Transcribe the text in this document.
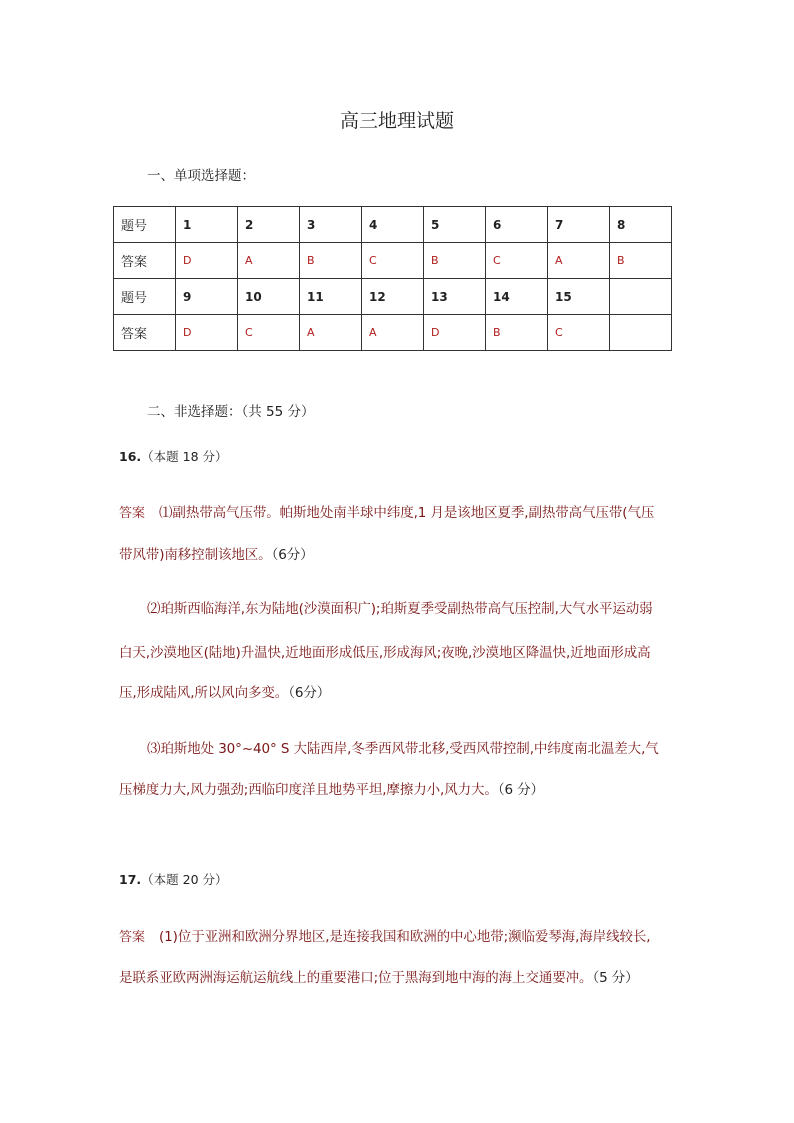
高三地理试题
一、单项选择题：
题号	1	2	3	4	5	6	7	8
答案	D	A	B	C	B	C	A	B
题号	9	10	11	12	13	14	15	
答案	D	C	A	A	D	B	C	
二、非选择题：（共 55 分）
16.（本题 18 分）
答案 ⑴副热带高气压带。帕斯地处南半球中纬度,1 月是该地区夏季,副热带高气压带(气压
带风带)南移控制该地区。（6分）
⑵珀斯西临海洋,东为陆地(沙漠面积广);珀斯夏季受副热带高气压控制,大气水平运动弱
白天,沙漠地区(陆地)升温快,近地面形成低压,形成海风;夜晚,沙漠地区降温快,近地面形成高
压,形成陆风,所以风向多变。（6分）
⑶珀斯地处 30°~40° S 大陆西岸,冬季西风带北移,受西风带控制,中纬度南北温差大,气
压梯度力大,风力强劲;西临印度洋且地势平坦,摩擦力小,风力大。（6 分）
17.（本题 20 分）
答案 (1)位于亚洲和欧洲分界地区,是连接我国和欧洲的中心地带;濒临爱琴海,海岸线较长,
是联系亚欧两洲海运航运航线上的重要港口;位于黑海到地中海的海上交通要冲。（5 分）
